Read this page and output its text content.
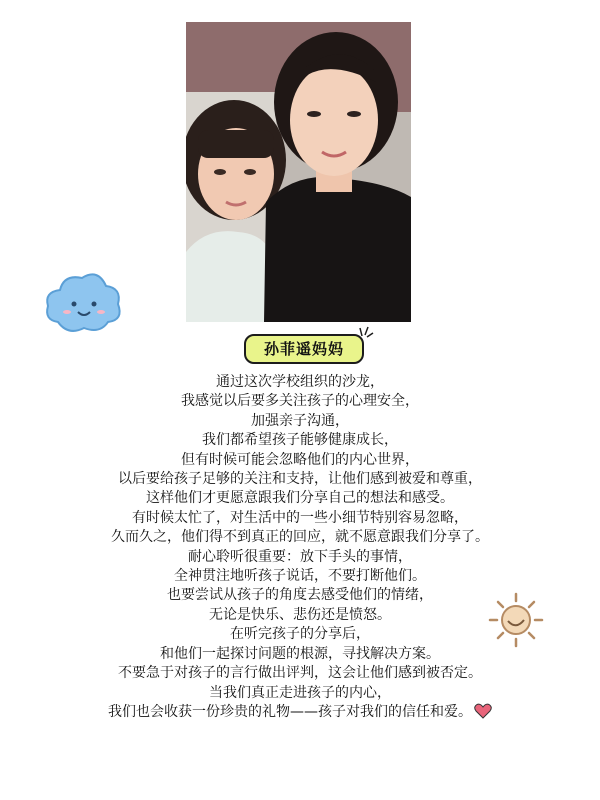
孙菲遥妈妈
通过这次学校组织的沙龙，
我感觉以后要多关注孩子的心理安全，
加强亲子沟通，
我们都希望孩子能够健康成长，
但有时候可能会忽略他们的内心世界，
以后要给孩子足够的关注和支持，让他们感到被爱和尊重，
这样他们才更愿意跟我们分享自己的想法和感受。
有时候太忙了，对生活中的一些小细节特别容易忽略，
久而久之，他们得不到真正的回应，就不愿意跟我们分享了。
耐心聆听很重要：放下手头的事情，
全神贯注地听孩子说话，不要打断他们。
也要尝试从孩子的角度去感受他们的情绪，
无论是快乐、悲伤还是愤怒。
在听完孩子的分享后，
和他们一起探讨问题的根源，寻找解决方案。
不要急于对孩子的言行做出评判，这会让他们感到被否定。
当我们真正走进孩子的内心，
我们也会收获一份珍贵的礼物——孩子对我们的信任和爱。
